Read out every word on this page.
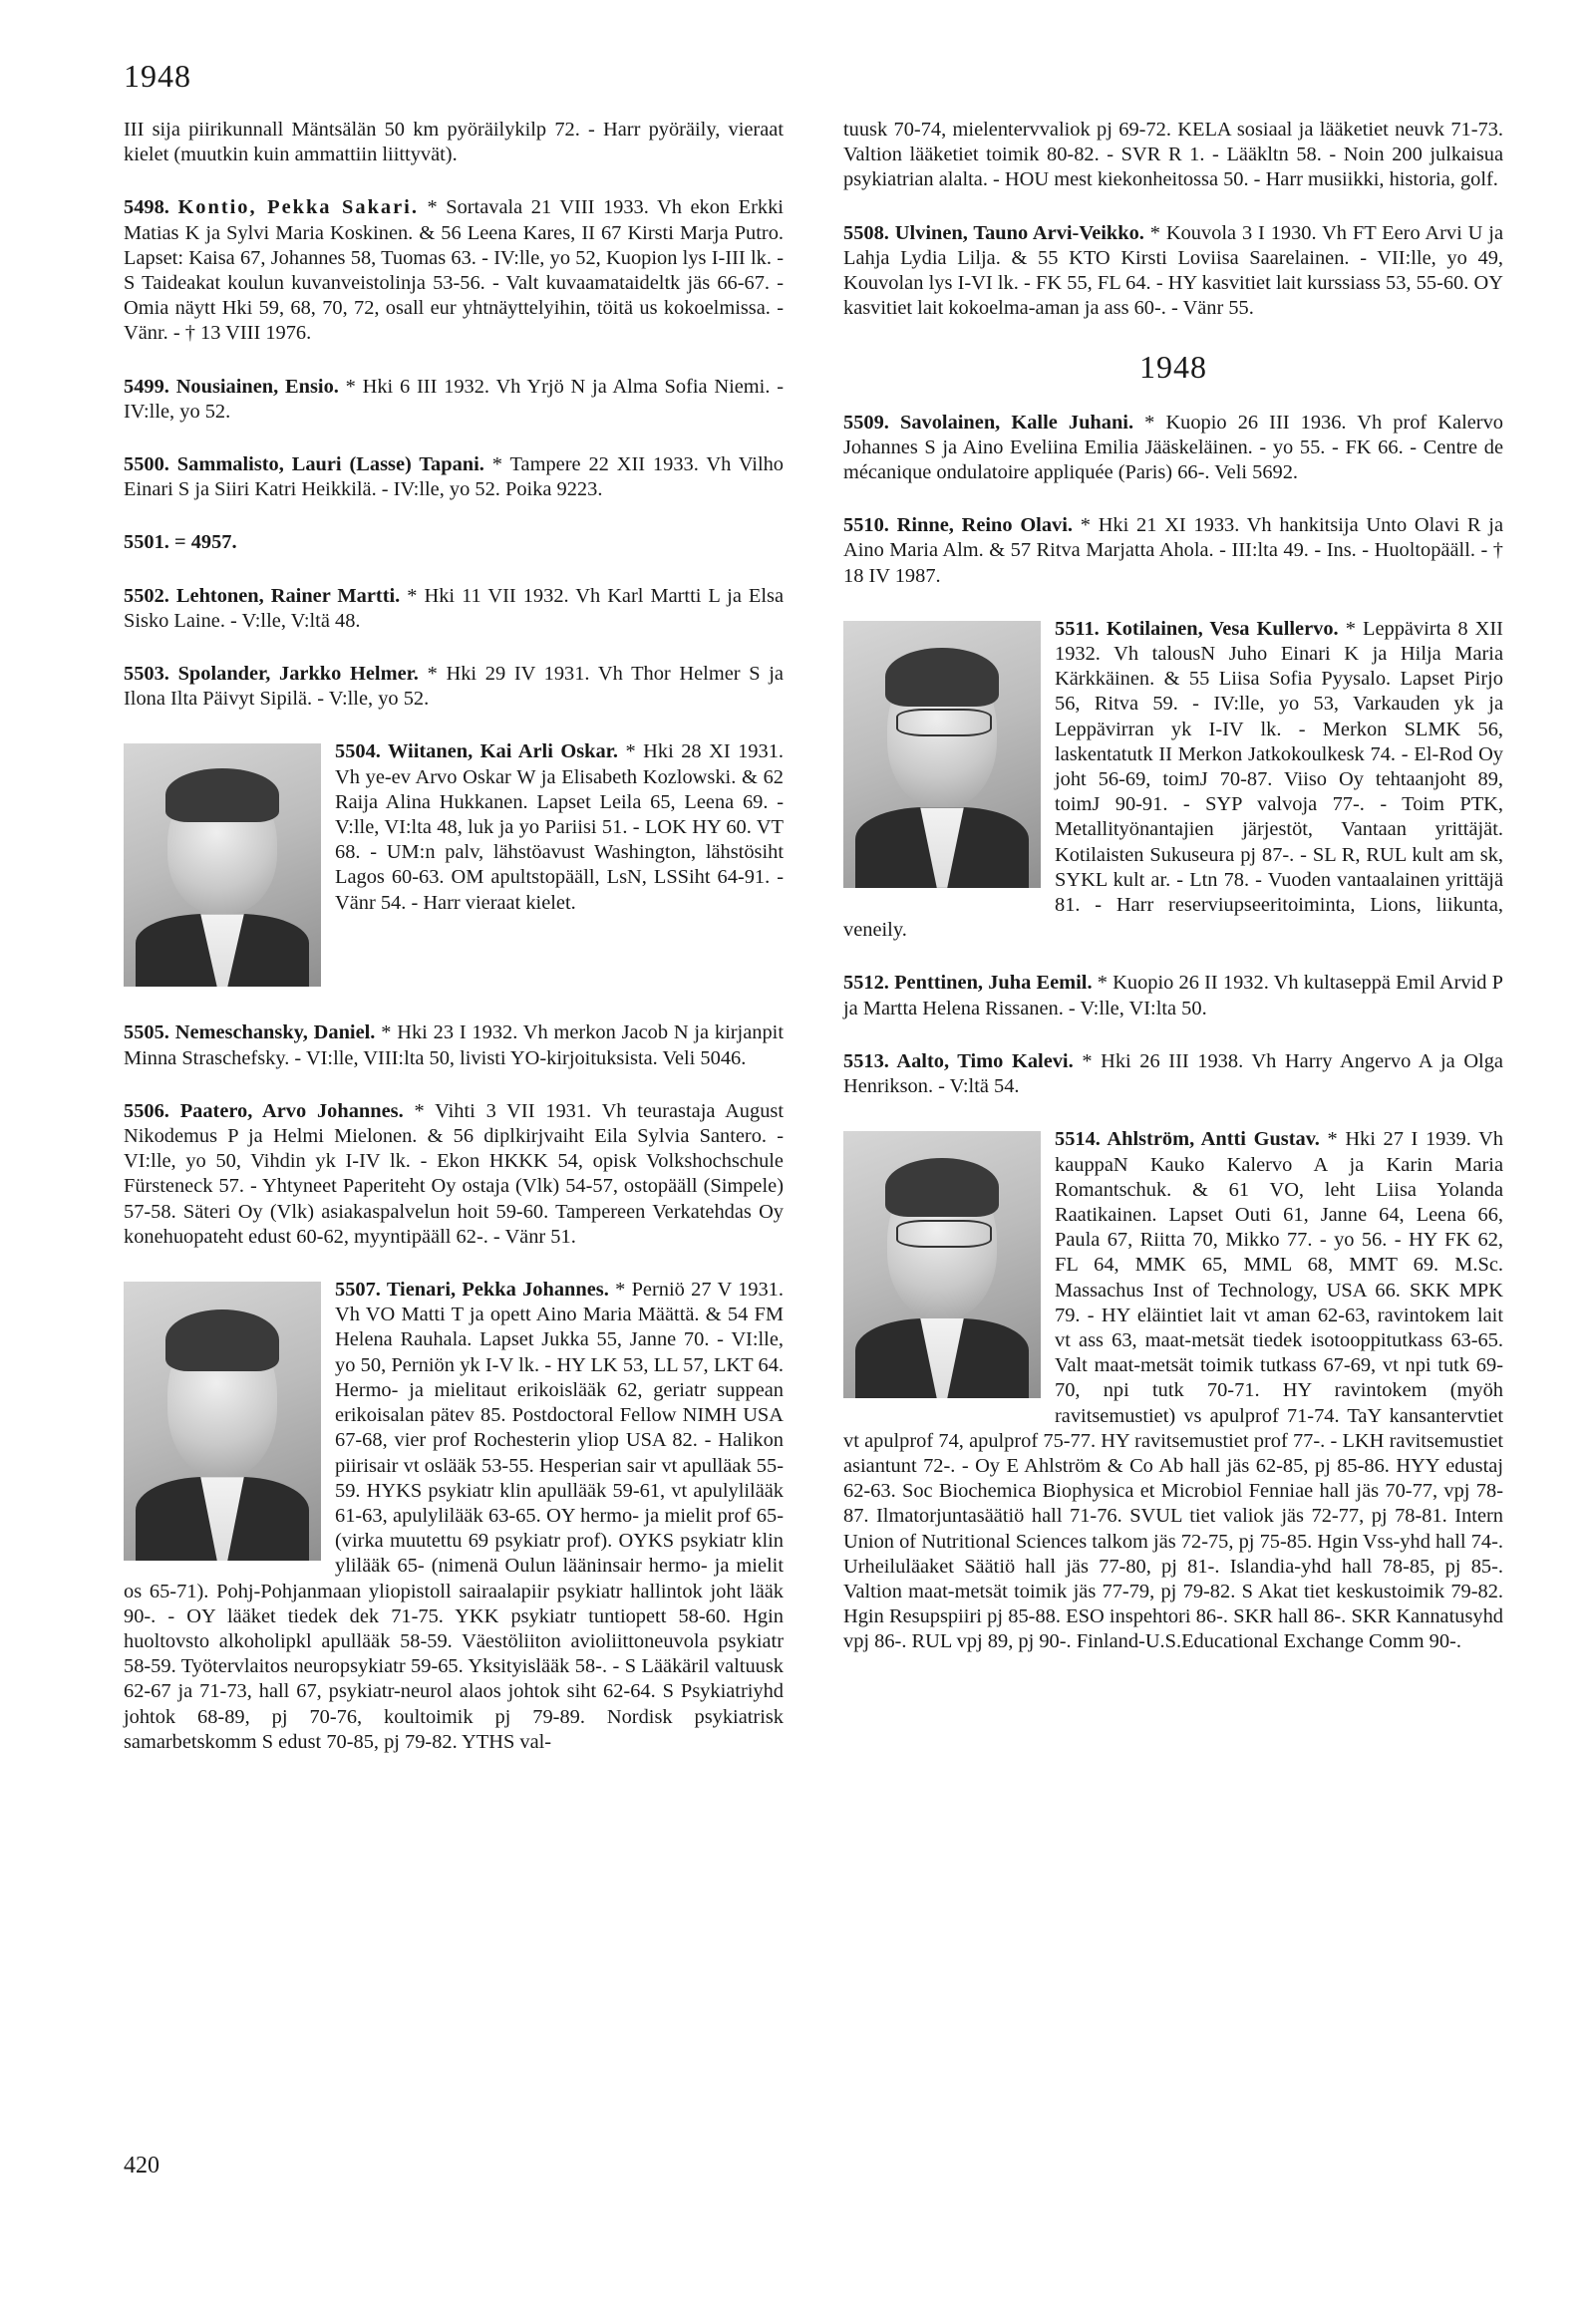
1948

III sija piirikunnall Mäntsälän 50 km pyöräilykilp 72. - Harr pyöräily, vieraat kielet (muutkin kuin ammattiin liittyvät).

5498. Kontio, Pekka Sakari. * Sortavala 21 VIII 1933. Vh ekon Erkki Matias K ja Sylvi Maria Koskinen. & 56 Leena Kares, II 67 Kirsti Marja Putro. Lapset: Kaisa 67, Johannes 58, Tuomas 63. - IV:lle, yo 52, Kuopion lys I-III lk. - S Taideakat koulun kuvanveistolinja 53-56. - Valt kuvaamataideltk jäs 66-67. - Omia näytt Hki 59, 68, 70, 72, osall eur yhtnäyttelyihin, töitä us kokoelmissa. - Vänr. - † 13 VIII 1976.

5499. Nousiainen, Ensio. * Hki 6 III 1932. Vh Yrjö N ja Alma Sofia Niemi. - IV:lle, yo 52.

5500. Sammalisto, Lauri (Lasse) Tapani. * Tampere 22 XII 1933. Vh Vilho Einari S ja Siiri Katri Heikkilä. - IV:lle, yo 52. Poika 9223.

5501. = 4957.

5502. Lehtonen, Rainer Martti. * Hki 11 VII 1932. Vh Karl Martti L ja Elsa Sisko Laine. - V:lle, V:ltä 48.

5503. Spolander, Jarkko Helmer. * Hki 29 IV 1931. Vh Thor Helmer S ja Ilona Ilta Päivyt Sipilä. - V:lle, yo 52.

5504. Wiitanen, Kai Arli Oskar. * Hki 28 XI 1931. Vh ye-ev Arvo Oskar W ja Elisabeth Kozlowski. & 62 Raija Alina Hukkanen. Lapset Leila 65, Leena 69. - V:lle, VI:lta 48, luk ja yo Pariisi 51. - LOK HY 60. VT 68. - UM:n palv, lähstöavust Washington, lähstösiht Lagos 60-63. OM apultstopääll, LsN, LSSiht 64-91. - Vänr 54. - Harr vieraat kielet.

5505. Nemeschansky, Daniel. * Hki 23 I 1932. Vh merkon Jacob N ja kirjanpit Minna Straschefsky. - VI:lle, VIII:lta 50, livisti YO-kirjoituksista. Veli 5046.

5506. Paatero, Arvo Johannes. * Vihti 3 VII 1931. Vh teurastaja August Nikodemus P ja Helmi Mielonen. & 56 diplkirjvaiht Eila Sylvia Santero. - VI:lle, yo 50, Vihdin yk I-IV lk. - Ekon HKKK 54, opisk Volkshochschule Fürsteneck 57. - Yhtyneet Paperiteht Oy ostaja (Vlk) 54-57, ostopääll (Simpele) 57-58. Säteri Oy (Vlk) asiakaspalvelun hoit 59-60. Tampereen Verkatehdas Oy konehuopateht edust 60-62, myyntipääll 62-. - Vänr 51.

5507. Tienari, Pekka Johannes. * Perniö 27 V 1931. Vh VO Matti T ja opett Aino Maria Määttä. & 54 FM Helena Rauhala. Lapset Jukka 55, Janne 70. - VI:lle, yo 50, Perniön yk I-V lk. - HY LK 53, LL 57, LKT 64. Hermo- ja mielitaut erikoislääk 62, geriatr suppean erikoisalan pätev 85. Postdoctoral Fellow NIMH USA 67-68, vier prof Rochesterin yliop USA 82. - Halikon piirisair vt oslääk 53-55. Hesperian sair vt apulläak 55-59. HYKS psykiatr klin apullääk 59-61, vt apulylilääk 61-63, apulylilääk 63-65. OY hermo- ja mielit prof 65- (virka muutettu 69 psykiatr prof). OYKS psykiatr klin ylilääk 65- (nimenä Oulun lääninsair hermo- ja mielit os 65-71). Pohj-Pohjanmaan yliopistoll sairaalapiir psykiatr hallintok joht lääk 90-. - OY lääket tiedek dek 71-75. YKK psykiatr tuntiopett 58-60. Hgin huoltovsto alkoholipkl apullääk 58-59. Väestöliiton avioliittoneuvola psykiatr 58-59. Työtervlaitos neuropsykiatr 59-65. Yksityislääk 58-. - S Lääkäril valtuusk 62-67 ja 71-73, hall 67, psykiatr-neurol alaos johtok siht 62-64. S Psykiatriyhd johtok 68-89, pj 70-76, koultoimik pj 79-89. Nordisk psykiatrisk samarbetskomm S edust 70-85, pj 79-82. YTHS val-

tuusk 70-74, mielentervvaliok pj 69-72. KELA sosiaal ja lääketiet neuvk 71-73. Valtion lääketiet toimik 80-82. - SVR R 1. - Lääkltn 58. - Noin 200 julkaisua psykiatrian alalta. - HOU mest kiekonheitossa 50. - Harr musiikki, historia, golf.

5508. Ulvinen, Tauno Arvi-Veikko. * Kouvola 3 I 1930. Vh FT Eero Arvi U ja Lahja Lydia Lilja. & 55 KTO Kirsti Loviisa Saarelainen. - VII:lle, yo 49, Kouvolan lys I-VI lk. - FK 55, FL 64. - HY kasvitiet lait kurssiass 53, 55-60. OY kasvitiet lait kokoelma-aman ja ass 60-. - Vänr 55.

1948

5509. Savolainen, Kalle Juhani. * Kuopio 26 III 1936. Vh prof Kalervo Johannes S ja Aino Eveliina Emilia Jääskeläinen. - yo 55. - FK 66. - Centre de mécanique ondulatoire appliquée (Paris) 66-. Veli 5692.

5510. Rinne, Reino Olavi. * Hki 21 XI 1933. Vh hankitsija Unto Olavi R ja Aino Maria Alm. & 57 Ritva Marjatta Ahola. - III:lta 49. - Ins. - Huoltopääll. - † 18 IV 1987.

5511. Kotilainen, Vesa Kullervo. * Leppävirta 8 XII 1932. Vh talousN Juho Einari K ja Hilja Maria Kärkkäinen. & 55 Liisa Sofia Pyysalo. Lapset Pirjo 56, Ritva 59. - IV:lle, yo 53, Varkauden yk ja Leppävirran yk I-IV lk. - Merkon SLMK 56, laskentatutk II Merkon Jatkokoulkesk 74. - El-Rod Oy joht 56-69, toimJ 70-87. Viiso Oy tehtaanjoht 89, toimJ 90-91. - SYP valvoja 77-. - Toim PTK, Metallityönantajien järjestöt, Vantaan yrittäjät. Kotilaisten Sukuseura pj 87-. - SL R, RUL kult am sk, SYKL kult ar. - Ltn 78. - Vuoden vantaalainen yrittäjä 81. - Harr reserviupseeritoiminta, Lions, liikunta, veneily.

5512. Penttinen, Juha Eemil. * Kuopio 26 II 1932. Vh kultaseppä Emil Arvid P ja Martta Helena Rissanen. - V:lle, VI:lta 50.

5513. Aalto, Timo Kalevi. * Hki 26 III 1938. Vh Harry Angervo A ja Olga Henrikson. - V:ltä 54.

5514. Ahlström, Antti Gustav. * Hki 27 I 1939. Vh kauppaN Kauko Kalervo A ja Karin Maria Romantschuk. & 61 VO, leht Liisa Yolanda Raatikainen. Lapset Outi 61, Janne 64, Leena 66, Paula 67, Riitta 70, Mikko 77. - yo 56. - HY FK 62, FL 64, MMK 65, MML 68, MMT 69. M.Sc. Massachus Inst of Technology, USA 66. SKK MPK 79. - HY eläintiet lait vt aman 62-63, ravintokem lait vt ass 63, maat-metsät tiedek isotooppitutkass 63-65. Valt maat-metsät toimik tutkass 67-69, vt npi tutk 69-70, npi tutk 70-71. HY ravintokem (myöh ravitsemustiet) vs apulprof 71-74. TaY kansantervtiet vt apulprof 74, apulprof 75-77. HY ravitsemustiet prof 77-. - LKH ravitsemustiet asiantunt 72-. - Oy E Ahlström & Co Ab hall jäs 62-85, pj 85-86. HYY edustaj 62-63. Soc Biochemica Biophysica et Microbiol Fenniae hall jäs 70-77, vpj 78-87. Ilmatorjuntasäätiö hall 71-76. SVUL tiet valiok jäs 72-77, pj 78-81. Intern Union of Nutritional Sciences talkom jäs 72-75, pj 75-85. Hgin Vss-yhd hall 74-. Urheiluläaket Säätiö hall jäs 77-80, pj 81-. Islandia-yhd hall 78-85, pj 85-. Valtion maat-metsät toimik jäs 77-79, pj 79-82. S Akat tiet keskustoimik 79-82. Hgin Resupspiiri pj 85-88. ESO inspehtori 86-. SKR hall 86-. SKR Kannatusyhd vpj 86-. RUL vpj 89, pj 90-. Finland-U.S.Educational Exchange Comm 90-.
420
